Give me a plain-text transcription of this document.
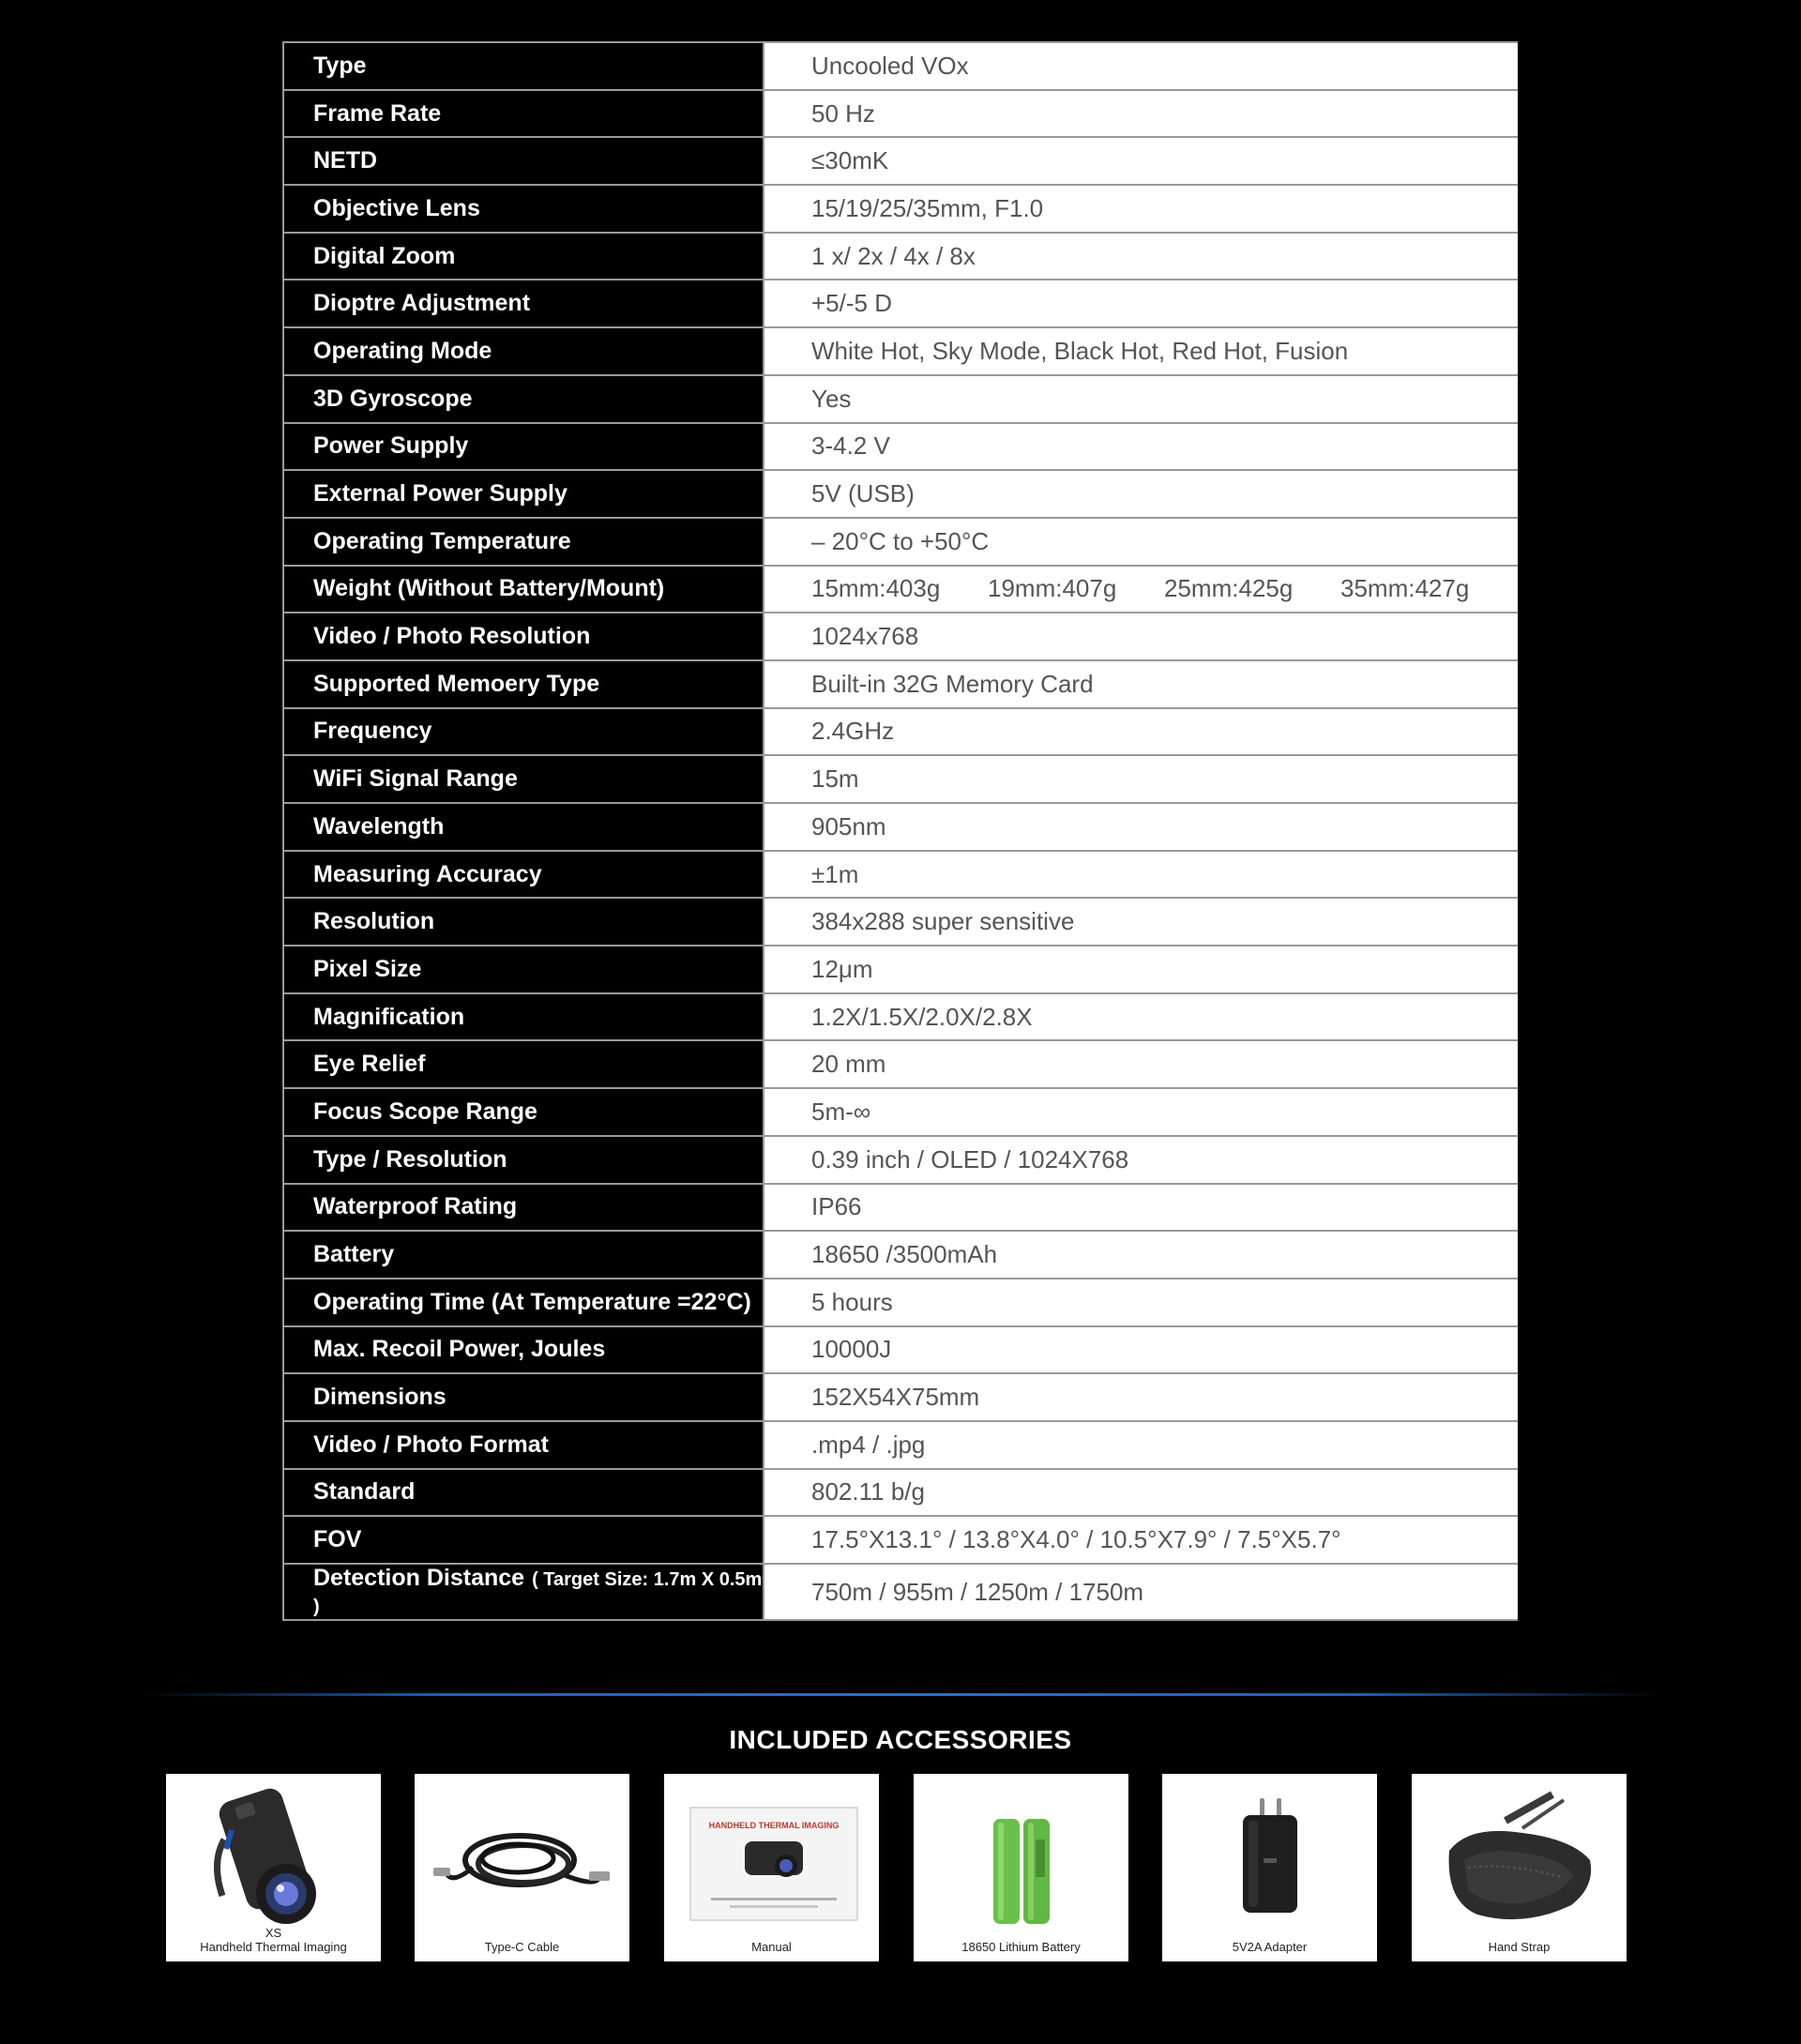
Type	Uncooled VOx
Frame Rate	50 Hz
NETD	≤30mK
Objective Lens	15/19/25/35mm, F1.0
Digital Zoom	1 x/ 2x / 4x / 8x
Dioptre Adjustment	+5/-5 D
Operating Mode	White Hot, Sky Mode, Black Hot, Red Hot, Fusion
3D Gyroscope	Yes
Power Supply	3-4.2 V
External Power Supply	5V (USB)
Operating Temperature	– 20°C to +50°C
Weight (Without Battery/Mount)	15mm:403g 19mm:407g 25mm:425g 35mm:427g
Video / Photo Resolution	1024x768
Supported Memoery Type	Built-in 32G Memory Card
Frequency	2.4GHz
WiFi Signal Range	15m
Wavelength	905nm
Measuring Accuracy	±1m
Resolution	384x288 super sensitive
Pixel Size	12μm
Magnification	1.2X/1.5X/2.0X/2.8X
Eye Relief	20 mm
Focus Scope Range	5m-∞
Type / Resolution	0.39 inch / OLED / 1024X768
Waterproof Rating	IP66
Battery	18650 /3500mAh
Operating Time (At Temperature =22°C)	5 hours
Max. Recoil Power, Joules	10000J
Dimensions	152X54X75mm
Video / Photo Format	.mp4 / .jpg
Standard	802.11 b/g
FOV	17.5°X13.1° / 13.8°X4.0° / 10.5°X7.9° / 7.5°X5.7°
Detection Distance ( Target Size: 1.7m X 0.5m )	750m / 955m / 1250m / 1750m
INCLUDED ACCESSORIES
XS
Handheld Thermal Imaging	Type-C Cable
HANDHELD THERMAL IMAGING
Manual	18650 Lithium Battery	5V2A Adapter	Hand Strap
